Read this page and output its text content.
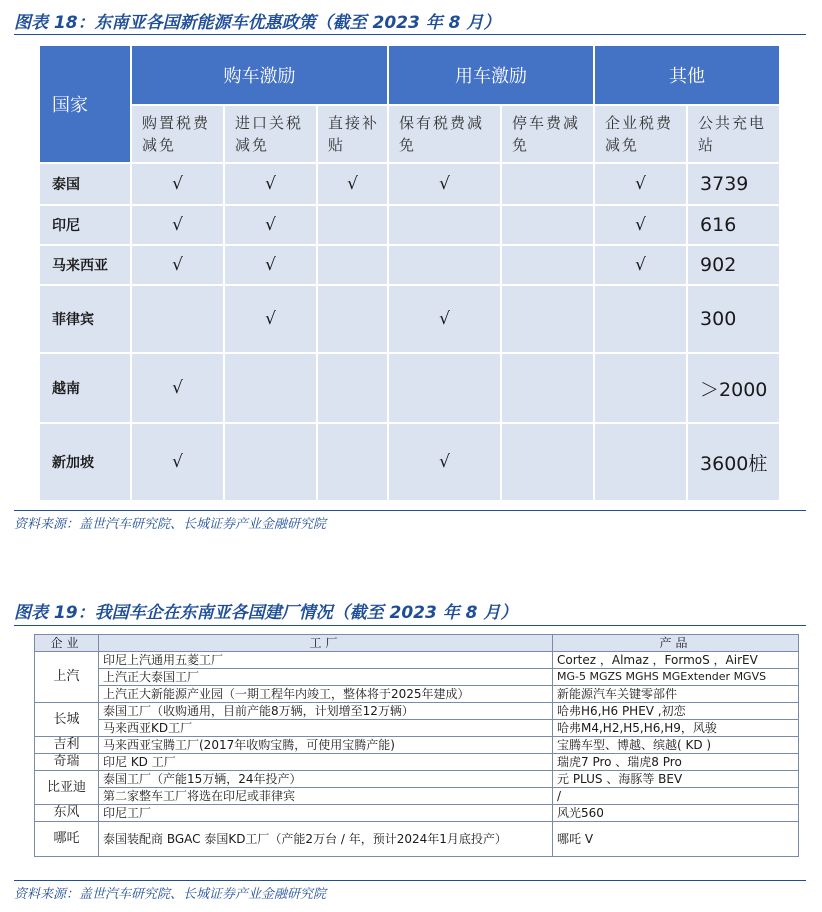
图表 18：东南亚各国新能源车优惠政策（截至 2023 年 8 月）
国家	购车激励			用车激励		其他	
	购置税费减免	进口关税减免	直接补贴	保有税费减免	停车费减免	企业税费减免	公共充电站
泰国	√	√	√	√		√	3739
印尼	√	√				√	616
马来西亚	√	√				√	902
菲律宾		√		√			300
越南	√						＞2000
新加坡	√			√			3600桩
资料来源：盖世汽车研究院、长城证券产业金融研究院
图表 19：我国车企在东南亚各国建厂情况（截至 2023 年 8 月）
企业	工厂	产品
上汽	印尼上汽通用五菱工厂	Cortez ，Almaz ，FormoS ，AirEV
	上汽正大泰国工厂	MG-5 MGZS MGHS MGExtender MGVS
	上汽正大新能源产业园（一期工程年内竣工，整体将于2025年建成）	新能源汽车关键零部件
长城	泰国工厂（收购通用，目前产能8万辆，计划增至12万辆）	哈弗H6,H6 PHEV ,初恋
	马来西亚KD工厂	哈弗M4,H2,H5,H6,H9，风骏
吉利	马来西亚宝腾工厂(2017年收购宝腾，可使用宝腾产能)	宝腾车型、博越、缤越( KD )
奇瑞	印尼 KD 工厂	瑞虎7 Pro 、瑞虎8 Pro
比亚迪	泰国工厂（产能15万辆，24年投产）	元 PLUS 、海豚等 BEV
	第二家整车工厂将选在印尼或菲律宾	/
东风	印尼工厂	风光560
哪吒	泰国装配商 BGAC 泰国KD工厂（产能2万台 / 年，预计2024年1月底投产）	哪吒 V
资料来源：盖世汽车研究院、长城证券产业金融研究院
